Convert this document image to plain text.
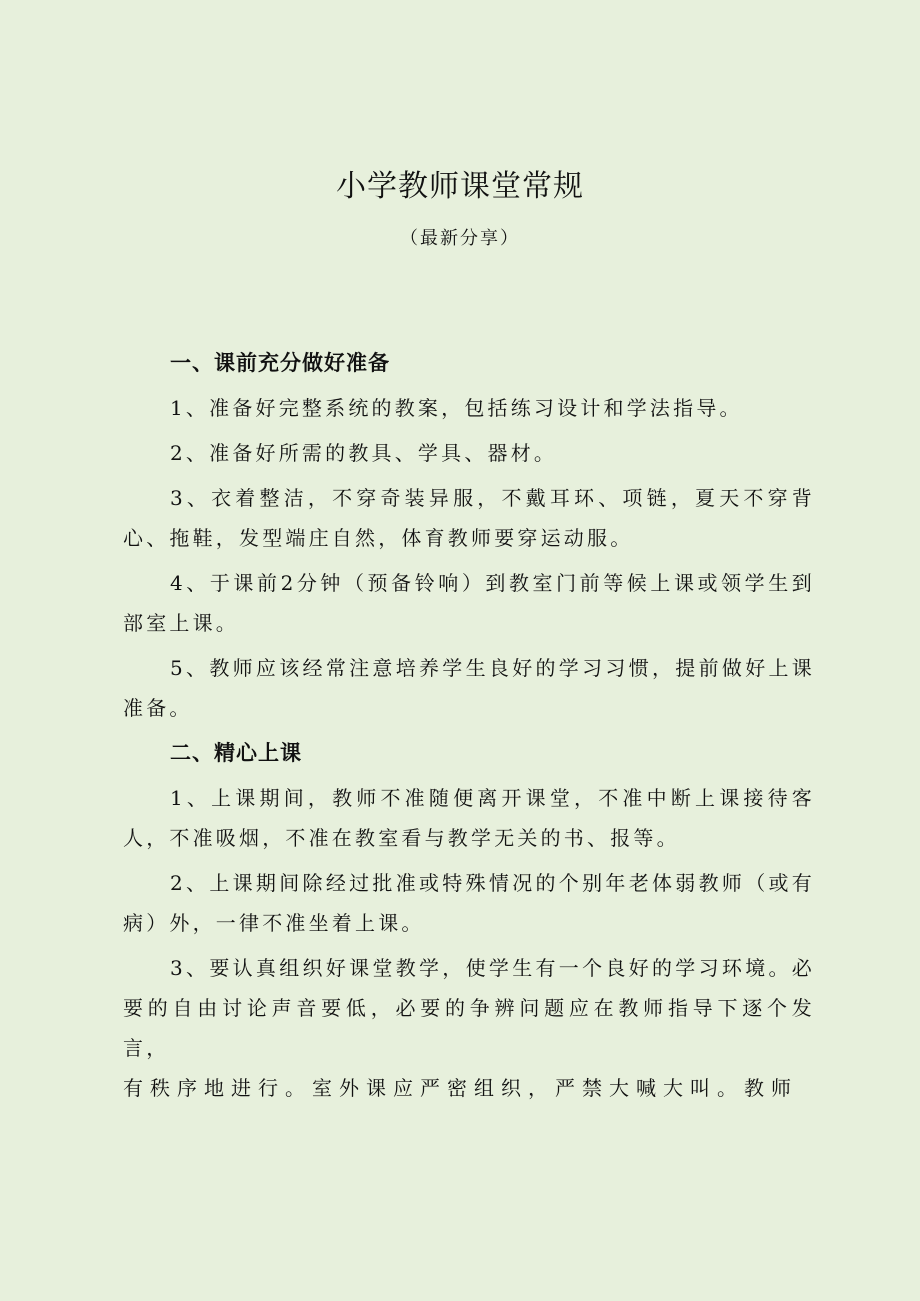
小学教师课堂常规
（最新分享）

一、课前充分做好准备

1、准备好完整系统的教案，包括练习设计和学法指导。

2、准备好所需的教具、学具、器材。

3、衣着整洁，不穿奇装异服，不戴耳环、项链，夏天不穿背心、拖鞋，发型端庄自然，体育教师要穿运动服。

4、于课前2分钟（预备铃响）到教室门前等候上课或领学生到部室上课。

5、教师应该经常注意培养学生良好的学习习惯，提前做好上课准备。

二、精心上课

1、上课期间，教师不准随便离开课堂，不准中断上课接待客人，不准吸烟，不准在教室看与教学无关的书、报等。

2、上课期间除经过批准或特殊情况的个别年老体弱教师（或有病）外，一律不准坐着上课。

3、要认真组织好课堂教学，使学生有一个良好的学习环境。必要的自由讨论声音要低，必要的争辨问题应在教师指导下逐个发言，

有秩序地进行。室外课应严密组织，严禁大喊大叫。教师
